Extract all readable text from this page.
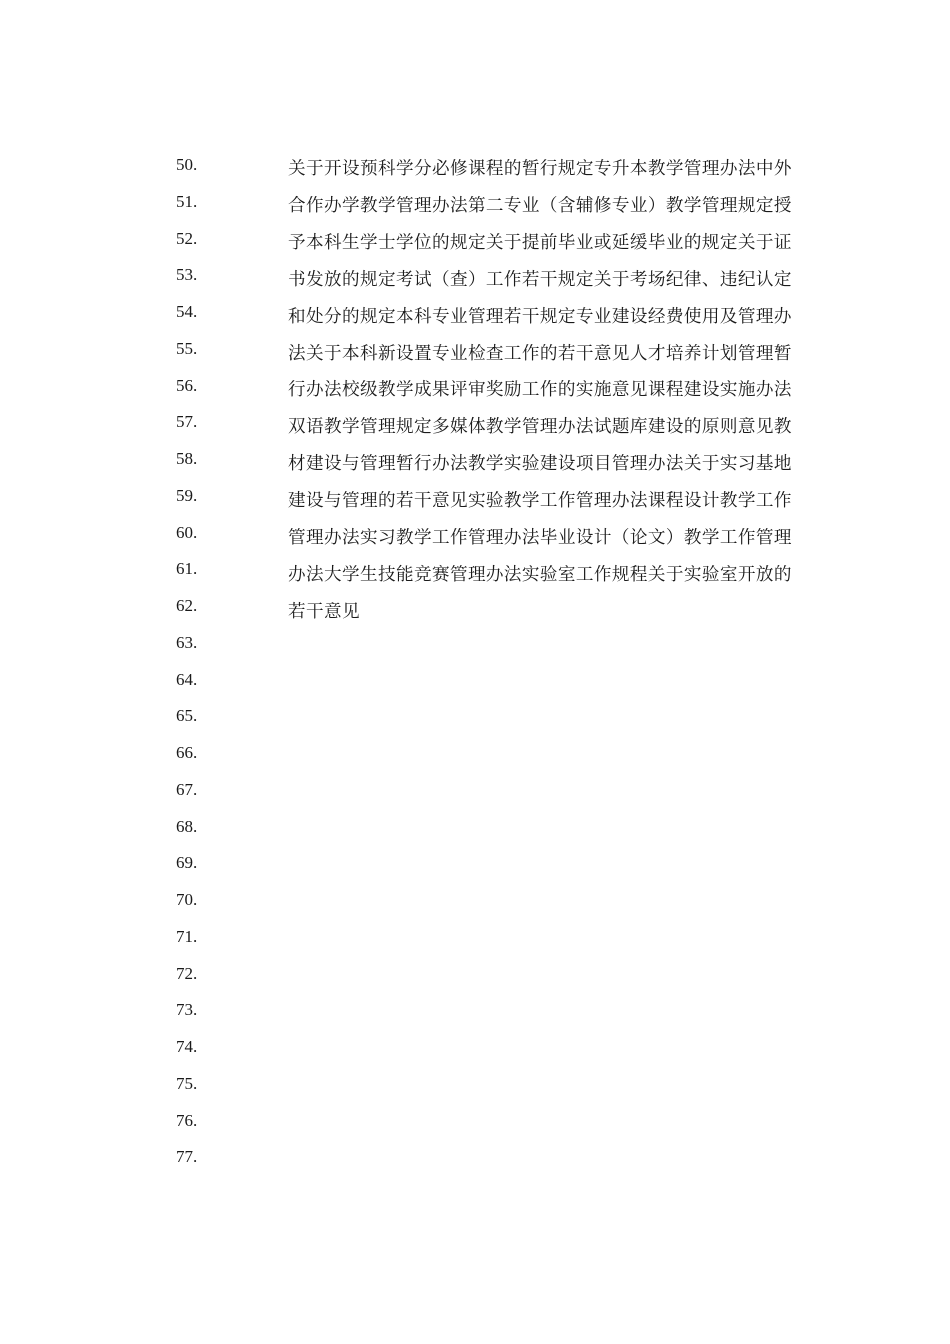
50.
51.
52.
53.
54.
55.
56.
57.
58.
59.
60.
61.
62.
63.
64.
65.
66.
67.
68.
69.
70.
71.
72.
73.
74.
75.
76.
77.

关于开设预科学分必修课程的暂行规定专升本教学管理办法中外合作办学教学管理办法第二专业（含辅修专业）教学管理规定授予本科生学士学位的规定关于提前毕业或延缓毕业的规定关于证书发放的规定考试（查）工作若干规定关于考场纪律、违纪认定和处分的规定本科专业管理若干规定专业建设经费使用及管理办法关于本科新设置专业检查工作的若干意见人才培养计划管理暂行办法校级教学成果评审奖励工作的实施意见课程建设实施办法双语教学管理规定多媒体教学管理办法试题库建设的原则意见教材建设与管理暂行办法教学实验建设项目管理办法关于实习基地建设与管理的若干意见实验教学工作管理办法课程设计教学工作管理办法实习教学工作管理办法毕业设计（论文）教学工作管理办法大学生技能竞赛管理办法实验室工作规程关于实验室开放的若干意见
